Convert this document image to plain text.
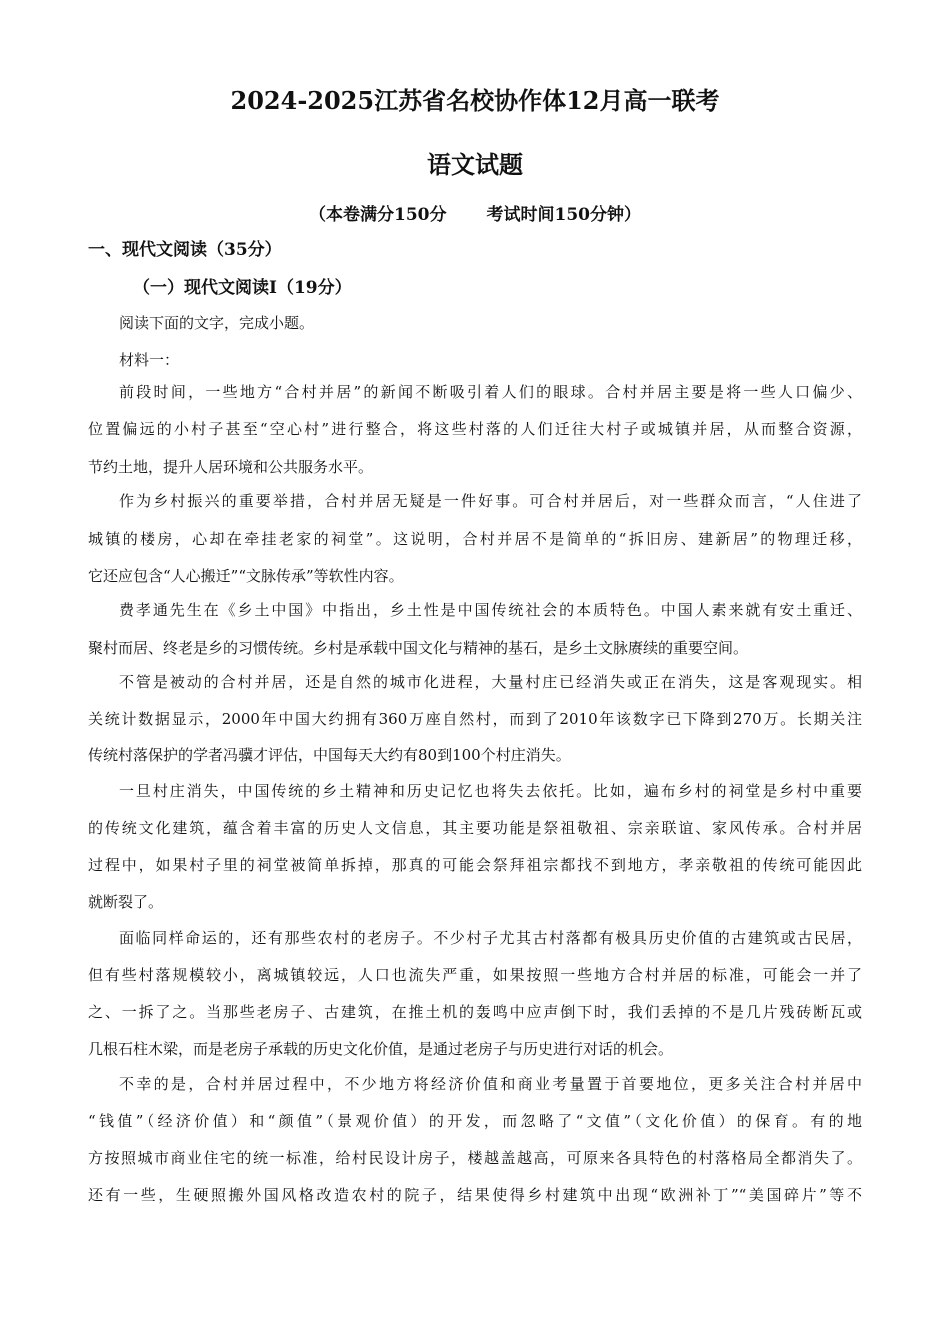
2024-2025江苏省名校协作体12月高一联考
语文试题
（本卷满分150分 考试时间150分钟）
一、现代文阅读（35分）
（一）现代文阅读Ⅰ（19分）
阅读下面的文字，完成小题。
材料一：
前段时间，一些地方“合村并居”的新闻不断吸引着人们的眼球。合村并居主要是将一些人口偏少、
位置偏远的小村子甚至“空心村”进行整合，将这些村落的人们迁往大村子或城镇并居，从而整合资源，
节约土地，提升人居环境和公共服务水平。
作为乡村振兴的重要举措，合村并居无疑是一件好事。可合村并居后，对一些群众而言，“人住进了
城镇的楼房，心却在牵挂老家的祠堂”。这说明，合村并居不是简单的“拆旧房、建新居”的物理迁移，
它还应包含“人心搬迁”“文脉传承”等软性内容。
费孝通先生在《乡土中国》中指出，乡土性是中国传统社会的本质特色。中国人素来就有安土重迁、
聚村而居、终老是乡的习惯传统。乡村是承载中国文化与精神的基石，是乡土文脉赓续的重要空间。
不管是被动的合村并居，还是自然的城市化进程，大量村庄已经消失或正在消失，这是客观现实。相
关统计数据显示，2000年中国大约拥有360万座自然村，而到了2010年该数字已下降到270万。长期关注
传统村落保护的学者冯骥才评估，中国每天大约有80到100个村庄消失。
一旦村庄消失，中国传统的乡土精神和历史记忆也将失去依托。比如，遍布乡村的祠堂是乡村中重要
的传统文化建筑，蕴含着丰富的历史人文信息，其主要功能是祭祖敬祖、宗亲联谊、家风传承。合村并居
过程中，如果村子里的祠堂被简单拆掉，那真的可能会祭拜祖宗都找不到地方，孝亲敬祖的传统可能因此
就断裂了。
面临同样命运的，还有那些农村的老房子。不少村子尤其古村落都有极具历史价值的古建筑或古民居，
但有些村落规模较小，离城镇较远，人口也流失严重，如果按照一些地方合村并居的标准，可能会一并了
之、一拆了之。当那些老房子、古建筑，在推土机的轰鸣中应声倒下时，我们丢掉的不是几片残砖断瓦或
几根石柱木梁，而是老房子承载的历史文化价值，是通过老房子与历史进行对话的机会。
不幸的是，合村并居过程中，不少地方将经济价值和商业考量置于首要地位，更多关注合村并居中
“钱值”（经济价值）和“颜值”（景观价值）的开发，而忽略了“文值”（文化价值）的保育。有的地
方按照城市商业住宅的统一标准，给村民设计房子，楼越盖越高，可原来各具特色的村落格局全都消失了。
还有一些，生硬照搬外国风格改造农村的院子，结果使得乡村建筑中出现“欧洲补丁”“美国碎片”等不
